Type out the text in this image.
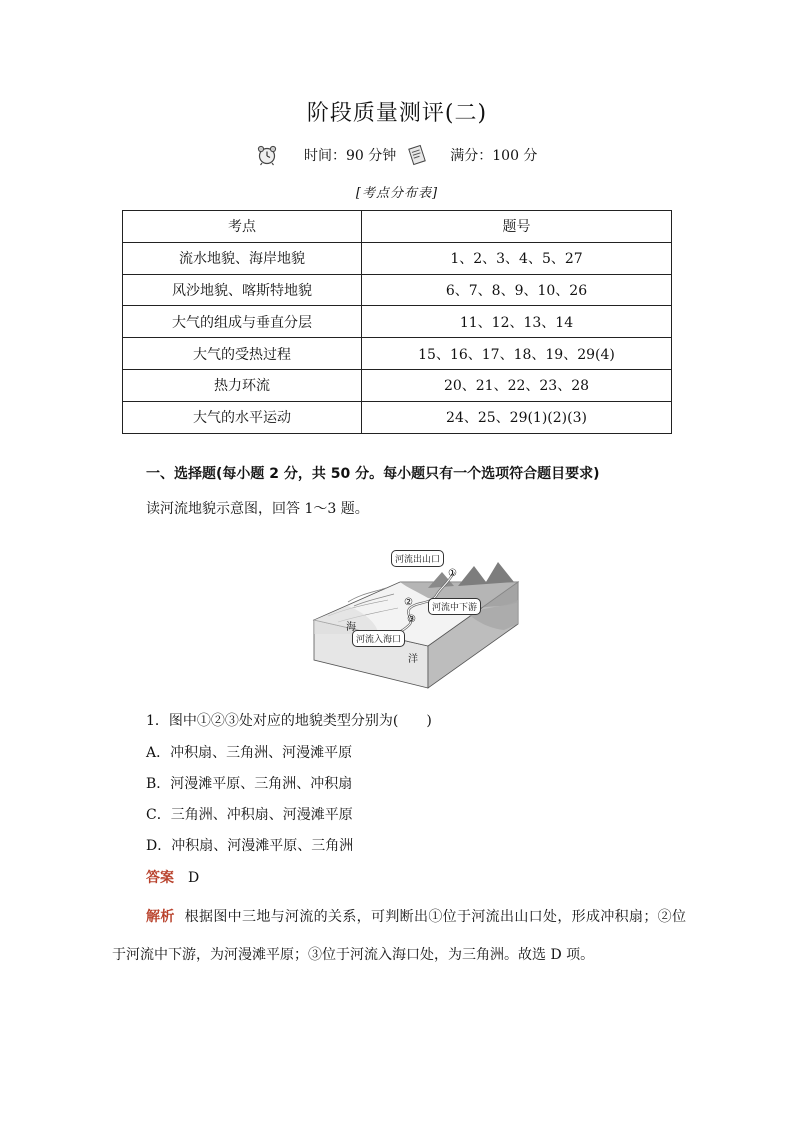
阶段质量测评(二)
时间：90 分钟	满分：100 分
[考点分布表]
考点	题号
流水地貌、海岸地貌	1、2、3、4、5、27
风沙地貌、喀斯特地貌	6、7、8、9、10、26
大气的组成与垂直分层	11、12、13、14
大气的受热过程	15、16、17、18、19、29(4)
热力环流	20、21、22、23、28
大气的水平运动	24、25、29(1)(2)(3)
一、选择题(每小题 2 分，共 50 分。每小题只有一个选项符合题目要求)
读河流地貌示意图，回答 1～3 题。
河流出山口
河流中下游
河流入海口
①
②
③
海
洋
1．图中①②③处对应的地貌类型分别为(　　)
A．冲积扇、三角洲、河漫滩平原
B．河漫滩平原、三角洲、冲积扇
C．三角洲、冲积扇、河漫滩平原
D．冲积扇、河漫滩平原、三角洲
答案 D
解析 根据图中三地与河流的关系，可判断出①位于河流出山口处，形成冲积扇；②位于河流中下游，为河漫滩平原；③位于河流入海口处，为三角洲。故选 D 项。
